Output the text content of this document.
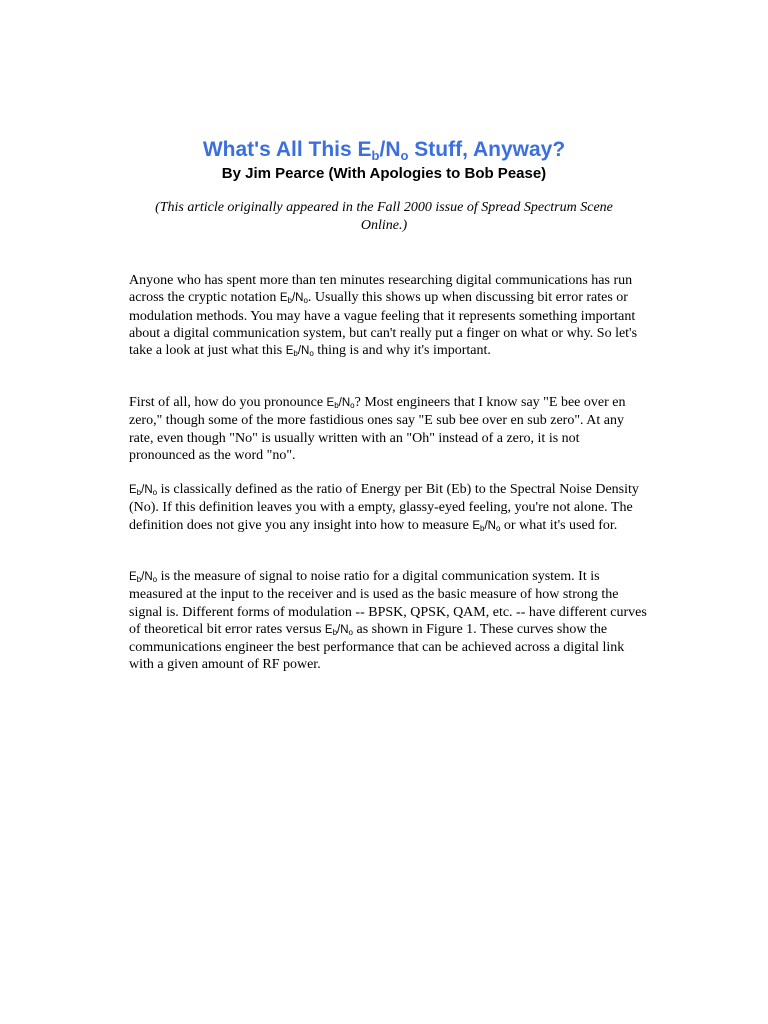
What's All This $E_b/N_o$ Stuff, Anyway?
By Jim Pearce (With Apologies to Bob Pease)
(This article originally appeared in the Fall 2000 issue of Spread Spectrum Scene Online.)

Anyone who has spent more than ten minutes researching digital communications has run across the cryptic notation Eb/No. Usually this shows up when discussing bit error rates or modulation methods. You may have a vague feeling that it represents something important about a digital communication system, but can't really put a finger on what or why. So let's take a look at just what this Eb/No thing is and why it's important.

First of all, how do you pronounce Eb/No? Most engineers that I know say "E bee over en zero," though some of the more fastidious ones say "E sub bee over en sub zero". At any rate, even though "No" is usually written with an "Oh" instead of a zero, it is not pronounced as the word "no".

Eb/No is classically defined as the ratio of Energy per Bit (Eb) to the Spectral Noise Density (No). If this definition leaves you with a empty, glassy-eyed feeling, you're not alone. The definition does not give you any insight into how to measure Eb/No or what it's used for.

Eb/No is the measure of signal to noise ratio for a digital communication system. It is measured at the input to the receiver and is used as the basic measure of how strong the signal is. Different forms of modulation -- BPSK, QPSK, QAM, etc. -- have different curves of theoretical bit error rates versus Eb/No as shown in Figure 1. These curves show the communications engineer the best performance that can be achieved across a digital link with a given amount of RF power.
